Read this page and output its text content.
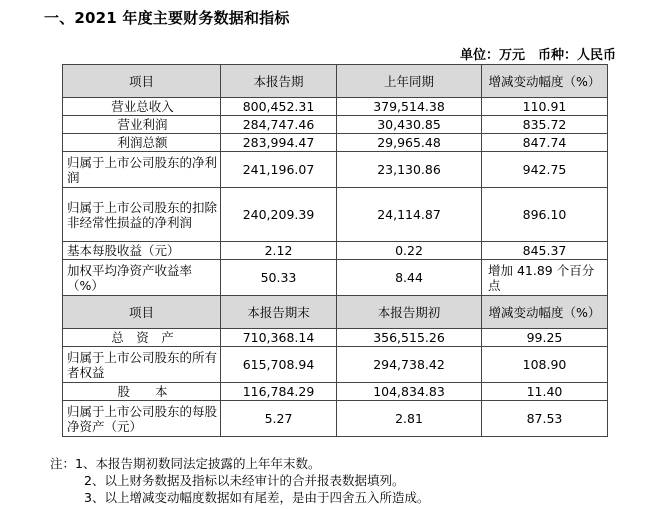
一、2021 年度主要财务数据和指标
单位：万元　币种：人民币
项目	本报告期	上年同期	增减变动幅度（%）
营业总收入	800,452.31	379,514.38	110.91
营业利润	284,747.46	30,430.85	835.72
利润总额	283,994.47	29,965.48	847.74
归属于上市公司股东的净利润	241,196.07	23,130.86	942.75
归属于上市公司股东的扣除非经常性损益的净利润	240,209.39	24,114.87	896.10
基本每股收益（元）	2.12	0.22	845.37
加权平均净资产收益率（%）	50.33	8.44	增加 41.89 个百分点
项目	本报告期末	本报告期初	增减变动幅度（%）
总　资　产	710,368.14	356,515.26	99.25
归属于上市公司股东的所有者权益	615,708.94	294,738.42	108.90
股　　本	116,784.29	104,834.83	11.40
归属于上市公司股东的每股净资产（元）	5.27	2.81	87.53
注：1、本报告期初数同法定披露的上年年末数。
2、以上财务数据及指标以未经审计的合并报表数据填列。
3、以上增减变动幅度数据如有尾差，是由于四舍五入所造成。
